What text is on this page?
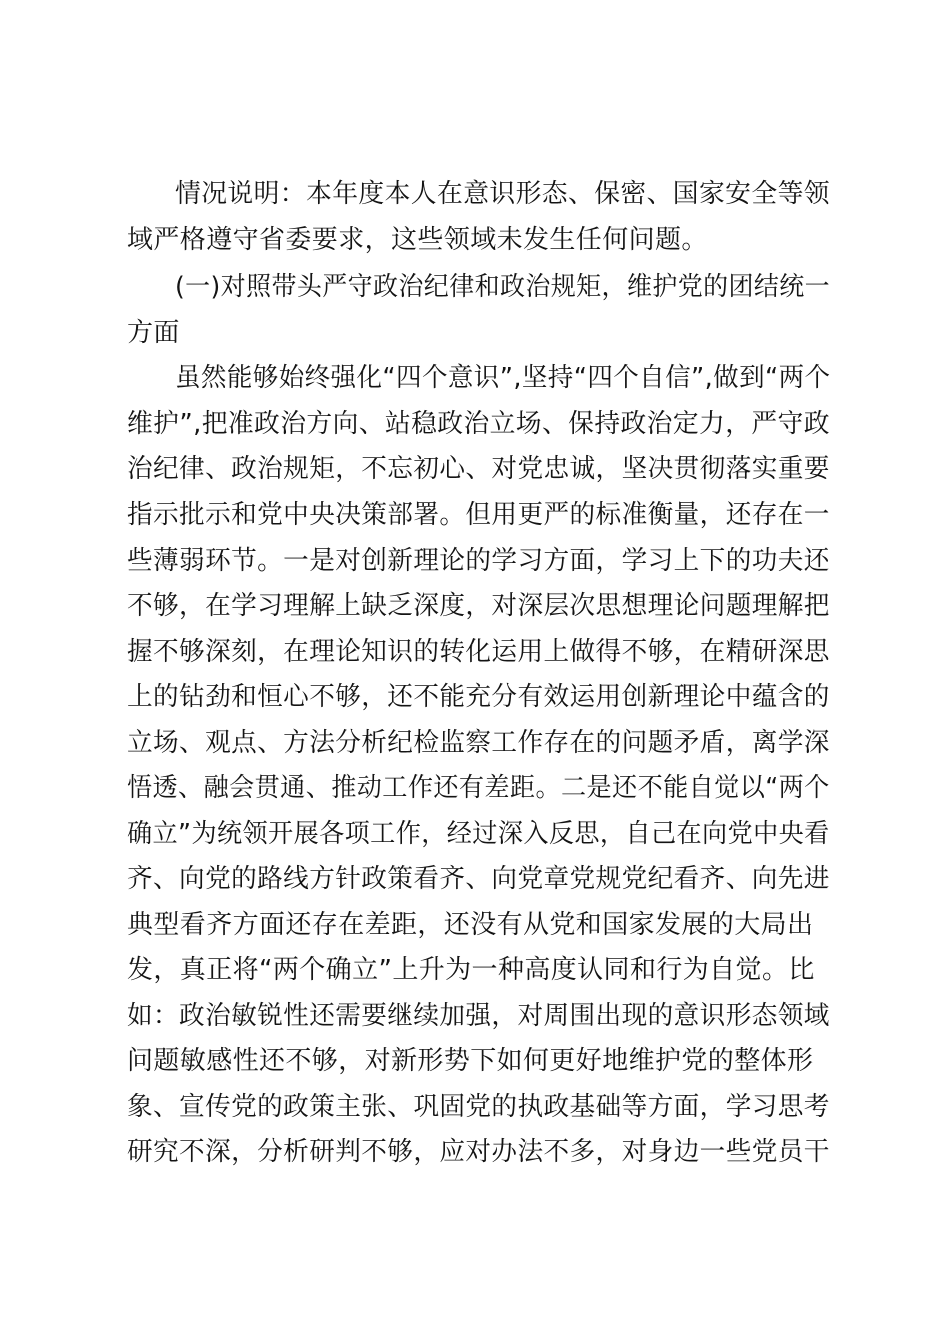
情况说明：本年度本人在意识形态、保密、国家安全等领
域严格遵守省委要求，这些领域未发生任何问题。
(一)对照带头严守政治纪律和政治规矩，维护党的团结统一
方面
虽然能够始终强化“四个意识”,坚持“四个自信”,做到“两个
维护”,把准政治方向、站稳政治立场、保持政治定力，严守政
治纪律、政治规矩，不忘初心、对党忠诚，坚决贯彻落实重要
指示批示和党中央决策部署。但用更严的标准衡量，还存在一
些薄弱环节。一是对创新理论的学习方面，学习上下的功夫还
不够，在学习理解上缺乏深度，对深层次思想理论问题理解把
握不够深刻，在理论知识的转化运用上做得不够，在精研深思
上的钻劲和恒心不够，还不能充分有效运用创新理论中蕴含的
立场、观点、方法分析纪检监察工作存在的问题矛盾，离学深
悟透、融会贯通、推动工作还有差距。二是还不能自觉以“两个
确立”为统领开展各项工作，经过深入反思，自己在向党中央看
齐、向党的路线方针政策看齐、向党章党规党纪看齐、向先进
典型看齐方面还存在差距，还没有从党和国家发展的大局出
发，真正将“两个确立”上升为一种高度认同和行为自觉。比
如：政治敏锐性还需要继续加强，对周围出现的意识形态领域
问题敏感性还不够，对新形势下如何更好地维护党的整体形
象、宣传党的政策主张、巩固党的执政基础等方面，学习思考
研究不深，分析研判不够，应对办法不多，对身边一些党员干
